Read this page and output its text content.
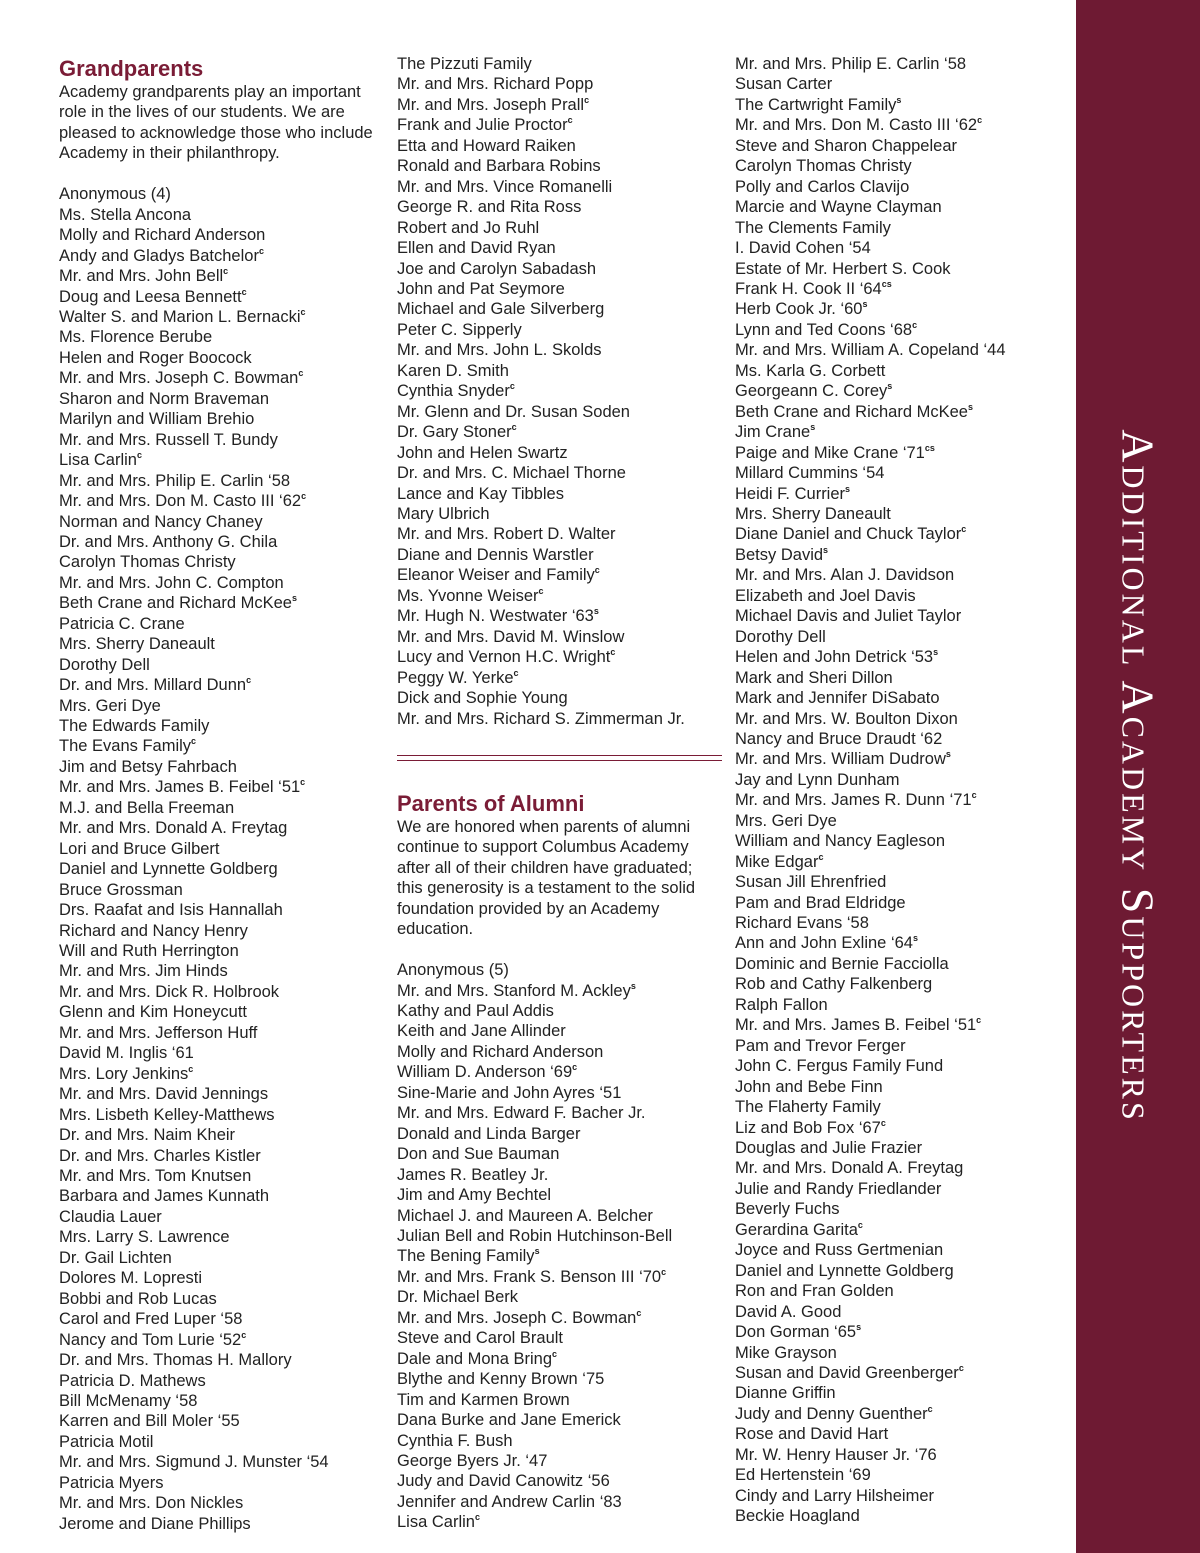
Grandparents

Academy grandparents play an important role in the lives of our students. We are pleased to acknowledge those who include Academy in their philanthropy.

Anonymous (4)
Ms. Stella Ancona
Molly and Richard Anderson
Andy and Gladys Batchelor$^c$
Mr. and Mrs. John Bell$^c$
Doug and Leesa Bennett$^c$
Walter S. and Marion L. Bernacki$^c$
Ms. Florence Berube
Helen and Roger Boocock
Mr. and Mrs. Joseph C. Bowman$^c$
Sharon and Norm Braveman
Marilyn and William Brehio
Mr. and Mrs. Russell T. Bundy
Lisa Carlin$^c$
Mr. and Mrs. Philip E. Carlin ‘58
Mr. and Mrs. Don M. Casto III ‘62$^c$
Norman and Nancy Chaney
Dr. and Mrs. Anthony G. Chila
Carolyn Thomas Christy
Mr. and Mrs. John C. Compton
Beth Crane and Richard McKee$^s$
Patricia C. Crane
Mrs. Sherry Daneault
Dorothy Dell
Dr. and Mrs. Millard Dunn$^c$
Mrs. Geri Dye
The Edwards Family
The Evans Family$^c$
Jim and Betsy Fahrbach
Mr. and Mrs. James B. Feibel ‘51$^c$
M.J. and Bella Freeman
Mr. and Mrs. Donald A. Freytag
Lori and Bruce Gilbert
Daniel and Lynnette Goldberg
Bruce Grossman
Drs. Raafat and Isis Hannallah
Richard and Nancy Henry
Will and Ruth Herrington
Mr. and Mrs. Jim Hinds
Mr. and Mrs. Dick R. Holbrook
Glenn and Kim Honeycutt
Mr. and Mrs. Jefferson Huff
David M. Inglis ‘61
Mrs. Lory Jenkins$^c$
Mr. and Mrs. David Jennings
Mrs. Lisbeth Kelley-Matthews
Dr. and Mrs. Naim Kheir
Dr. and Mrs. Charles Kistler
Mr. and Mrs. Tom Knutsen
Barbara and James Kunnath
Claudia Lauer
Mrs. Larry S. Lawrence
Dr. Gail Lichten
Dolores M. Lopresti
Bobbi and Rob Lucas
Carol and Fred Luper ‘58
Nancy and Tom Lurie ‘52$^c$
Dr. and Mrs. Thomas H. Mallory
Patricia D. Mathews
Bill McMenamy ‘58
Karren and Bill Moler ‘55
Patricia Motil
Mr. and Mrs. Sigmund J. Munster ‘54
Patricia Myers
Mr. and Mrs. Don Nickles
Jerome and Diane Phillips
The Pizzuti Family
Mr. and Mrs. Richard Popp
Mr. and Mrs. Joseph Prall$^c$
Frank and Julie Proctor$^c$
Etta and Howard Raiken
Ronald and Barbara Robins
Mr. and Mrs. Vince Romanelli
George R. and Rita Ross
Robert and Jo Ruhl
Ellen and David Ryan
Joe and Carolyn Sabadash
John and Pat Seymore
Michael and Gale Silverberg
Peter C. Sipperly
Mr. and Mrs. John L. Skolds
Karen D. Smith
Cynthia Snyder$^c$
Mr. Glenn and Dr. Susan Soden
Dr. Gary Stoner$^c$
John and Helen Swartz
Dr. and Mrs. C. Michael Thorne
Lance and Kay Tibbles
Mary Ulbrich
Mr. and Mrs. Robert D. Walter
Diane and Dennis Warstler
Eleanor Weiser and Family$^c$
Ms. Yvonne Weiser$^c$
Mr. Hugh N. Westwater ‘63$^s$
Mr. and Mrs. David M. Winslow
Lucy and Vernon H.C. Wright$^c$
Peggy W. Yerke$^c$
Dick and Sophie Young
Mr. and Mrs. Richard S. Zimmerman Jr.
Parents of Alumni

We are honored when parents of alumni continue to support Columbus Academy after all of their children have graduated; this generosity is a testament to the solid foundation provided by an Academy education.

Anonymous (5)
Mr. and Mrs. Stanford M. Ackley$^s$
Kathy and Paul Addis
Keith and Jane Allinder
Molly and Richard Anderson
William D. Anderson ‘69$^c$
Sine-Marie and John Ayres ‘51
Mr. and Mrs. Edward F. Bacher Jr.
Donald and Linda Barger
Don and Sue Bauman
James R. Beatley Jr.
Jim and Amy Bechtel
Michael J. and Maureen A. Belcher
Julian Bell and Robin Hutchinson-Bell
The Bening Family$^s$
Mr. and Mrs. Frank S. Benson III ‘70$^c$
Dr. Michael Berk
Mr. and Mrs. Joseph C. Bowman$^c$
Steve and Carol Brault
Dale and Mona Bring$^c$
Blythe and Kenny Brown ‘75
Tim and Karmen Brown
Dana Burke and Jane Emerick
Cynthia F. Bush
George Byers Jr. ‘47
Judy and David Canowitz ‘56
Jennifer and Andrew Carlin ‘83
Lisa Carlin$^c$
Mr. and Mrs. Philip E. Carlin ‘58
Susan Carter
The Cartwright Family$^s$
Mr. and Mrs. Don M. Casto III ‘62$^c$
Steve and Sharon Chappelear
Carolyn Thomas Christy
Polly and Carlos Clavijo
Marcie and Wayne Clayman
The Clements Family
I. David Cohen ‘54
Estate of Mr. Herbert S. Cook
Frank H. Cook II ‘$64^{cs}$
Herb Cook Jr. ‘60$^s$
Lynn and Ted Coons ‘68$^c$
Mr. and Mrs. William A. Copeland ‘44
Ms. Karla G. Corbett
Georgeann C. Corey$^s$
Beth Crane and Richard McKee$^s$
Jim Crane$^s$
Paige and Mike Crane ‘$71^{cs}$
Millard Cummins ‘54
Heidi F. Currier$^s$
Mrs. Sherry Daneault
Diane Daniel and Chuck Taylor$^c$
Betsy David$^s$
Mr. and Mrs. Alan J. Davidson
Elizabeth and Joel Davis
Michael Davis and Juliet Taylor
Dorothy Dell
Helen and John Detrick ‘53$^s$
Mark and Sheri Dillon
Mark and Jennifer DiSabato
Mr. and Mrs. W. Boulton Dixon
Nancy and Bruce Draudt ‘62
Mr. and Mrs. William Dudrow$^s$
Jay and Lynn Dunham
Mr. and Mrs. James R. Dunn ‘71$^c$
Mrs. Geri Dye
William and Nancy Eagleson
Mike Edgar$^c$
Susan Jill Ehrenfried
Pam and Brad Eldridge
Richard Evans ‘58
Ann and John Exline ‘64$^s$
Dominic and Bernie Facciolla
Rob and Cathy Falkenberg
Ralph Fallon
Mr. and Mrs. James B. Feibel ‘51$^c$
Pam and Trevor Ferger
John C. Fergus Family Fund
John and Bebe Finn
The Flaherty Family
Liz and Bob Fox ‘67$^c$
Douglas and Julie Frazier
Mr. and Mrs. Donald A. Freytag
Julie and Randy Friedlander
Beverly Fuchs
Gerardina Garita$^c$
Joyce and Russ Gertmenian
Daniel and Lynnette Goldberg
Ron and Fran Golden
David A. Good
Don Gorman ‘65$^s$
Mike Grayson
Susan and David Greenberger$^c$
Dianne Griffin
Judy and Denny Guenther$^c$
Rose and David Hart
Mr. W. Henry Hauser Jr. ‘76
Ed Hertenstein ‘69
Cindy and Larry Hilsheimer
Beckie Hoagland
Additional Academy Supporters
